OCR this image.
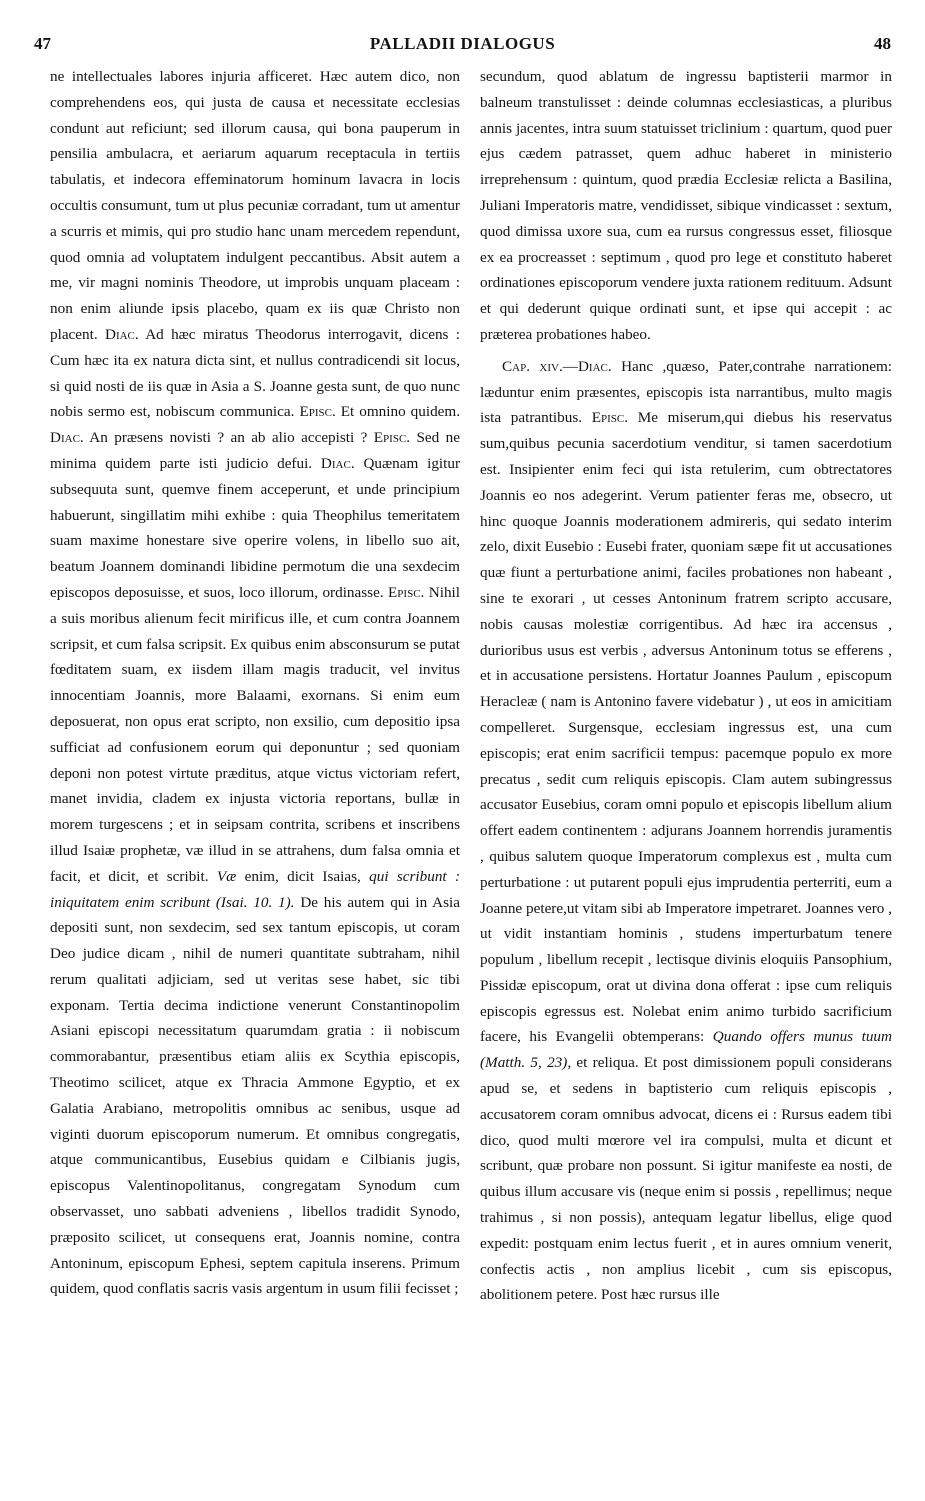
47	PALLADII DIALOGUS	48

ne intellectuales labores injuria afficeret. Hæc autem dico, non comprehendens eos, qui justa de causa et necessitate ecclesias condunt aut reficiunt; sed illorum causa, qui bona pauperum in pensilia ambulacra, et aeriarum aquarum receptacula in tertiis tabulatis, et indecora effeminatorum hominum lavacra in locis occultis consumunt, tum ut plus pecuniæ corradant, tum ut amentur a scurris et mimis, qui pro studio hanc unam mercedem rependunt, quod omnia ad voluptatem indulgent peccantibus. Absit autem a me, vir magni nominis Theodore, ut improbis unquam placeam : non enim aliunde ipsis placebo, quam ex iis quæ Christo non placent. Diac. Ad hæc miratus Theodorus interrogavit, dicens : Cum hæc ita ex natura dicta sint, et nullus contradicendi sit locus, si quid nosti de iis quæ in Asia a S. Joanne gesta sunt, de quo nunc nobis sermo est, nobiscum communica. Episc. Et omnino quidem. Diac. An præsens novisti ? an ab alio accepisti ? Episc. Sed ne minima quidem parte isti judicio defui. Diac. Quænam igitur subsequuta sunt, quemve finem acceperunt, et unde principium habuerunt, singillatim mihi exhibe : quia Theophilus temeritatem suam maxime honestare sive operire volens, in libello suo ait, beatum Joannem dominandi libidine permotum die una sexdecim episcopos deposuisse, et suos, loco illorum, ordinasse. Episc. Nihil a suis moribus alienum fecit mirificus ille, et cum contra Joannem scripsit, et cum falsa scripsit. Ex quibus enim absconsurum se putat fœditatem suam, ex iisdem illam magis traducit, vel invitus innocentiam Joannis, more Balaami, exornans. Si enim eum deposuerat, non opus erat scripto, non exsilio, cum depositio ipsa sufficiat ad confusionem eorum qui deponuntur ; sed quoniam deponi non potest virtute præditus, atque victus victoriam refert, manet invidia, cladem ex injusta victoria reportans, bullæ in morem turgescens ; et in seipsam contrita, scribens et inscribens illud Isaiæ prophetæ, væ illud in se attrahens, dum falsa omnia et facit, et dicit, et scribit. Væ enim, dicit Isaias, qui scribunt : iniquitatem enim scribunt (Isai. 10. 1). De his autem qui in Asia depositi sunt, non sexdecim, sed sex tantum episcopis, ut coram Deo judice dicam , nihil de numeri quantitate subtraham, nihil rerum qualitati adjiciam, sed ut veritas sese habet, sic tibi exponam. Tertia decima indictione venerunt Constantinopolim Asiani episcopi necessitatum quarumdam gratia : ii nobiscum commorabantur, præsentibus etiam aliis ex Scythia episcopis, Theotimo scilicet, atque ex Thracia Ammone Egyptio, et ex Galatia Arabiano, metropolitis omnibus ac senibus, usque ad viginti duorum episcoporum numerum. Et omnibus congregatis, atque communicantibus, Eusebius quidam e Cilbianis jugis, episcopus Valentinopolitanus, congregatam Synodum cum observasset, uno sabbati adveniens , libellos tradidit Synodo, præposito scilicet, ut consequens erat, Joannis nomine, contra Antoninum, episcopum Ephesi, septem capitula inserens. Primum quidem, quod conflatis sacris vasis argentum in usum filii fecisset ;

secundum, quod ablatum de ingressu baptisterii marmor in balneum transtulisset : deinde columnas ecclesiasticas, a pluribus annis jacentes, intra suum statuisset triclinium : quartum, quod puer ejus cædem patrasset, quem adhuc haberet in ministerio irreprehensum : quintum, quod prædia Ecclesiæ relicta a Basilina, Juliani Imperatoris matre, vendidisset, sibique vindicasset : sextum, quod dimissa uxore sua, cum ea rursus congressus esset, filiosque ex ea procreasset : septimum , quod pro lege et constituto haberet ordinationes episcoporum vendere juxta rationem redituum. Adsunt et qui dederunt quique ordinati sunt, et ipse qui accepit : ac præterea probationes habeo.

Cap. xiv.—Diac. Hanc ,quæso, Pater,contrahe narrationem: læduntur enim præsentes, episcopis ista narrantibus, multo magis ista patrantibus. Episc. Me miserum,qui diebus his reservatus sum,quibus pecunia sacerdotium venditur, si tamen sacerdotium est. Insipienter enim feci qui ista retulerim, cum obtrectatores Joannis eo nos adegerint. Verum patienter feras me, obsecro, ut hinc quoque Joannis moderationem admireris, qui sedato interim zelo, dixit Eusebio : Eusebi frater, quoniam sæpe fit ut accusationes quæ fiunt a perturbatione animi, faciles probationes non habeant , sine te exorari , ut cesses Antoninum fratrem scripto accusare, nobis causas molestiæ corrigentibus. Ad hæc ira accensus , durioribus usus est verbis , adversus Antoninum totus se efferens , et in accusatione persistens. Hortatur Joannes Paulum , episcopum Heracleæ ( nam is Antonino favere videbatur ) , ut eos in amicitiam compelleret. Surgensque, ecclesiam ingressus est, una cum episcopis; erat enim sacrificii tempus: pacemque populo ex more precatus , sedit cum reliquis episcopis. Clam autem subingressus accusator Eusebius, coram omni populo et episcopis libellum alium offert eadem continentem : adjurans Joannem horrendis juramentis , quibus salutem quoque Imperatorum complexus est , multa cum perturbatione : ut putarent populi ejus imprudentia perterriti, eum a Joanne petere,ut vitam sibi ab Imperatore impetraret. Joannes vero , ut vidit instantiam hominis , studens imperturbatum tenere populum , libellum recepit , lectisque divinis eloquiis Pansophium, Pissidæ episcopum, orat ut divina dona offerat : ipse cum reliquis episcopis egressus est. Nolebat enim animo turbido sacrificium facere, his Evangelii obtemperans: Quando offers munus tuum (Matth. 5, 23), et reliqua. Et post dimissionem populi considerans apud se, et sedens in baptisterio cum reliquis episcopis , accusatorem coram omnibus advocat, dicens ei : Rursus eadem tibi dico, quod multi mœrore vel ira compulsi, multa et dicunt et scribunt, quæ probare non possunt. Si igitur manifeste ea nosti, de quibus illum accusare vis (neque enim si possis , repellimus; neque trahimus , si non possis), antequam legatur libellus, elige quod expedit: postquam enim lectus fuerit , et in aures omnium venerit, confectis actis , non amplius licebit , cum sis episcopus, abolitionem petere. Post hæc rursus ille
